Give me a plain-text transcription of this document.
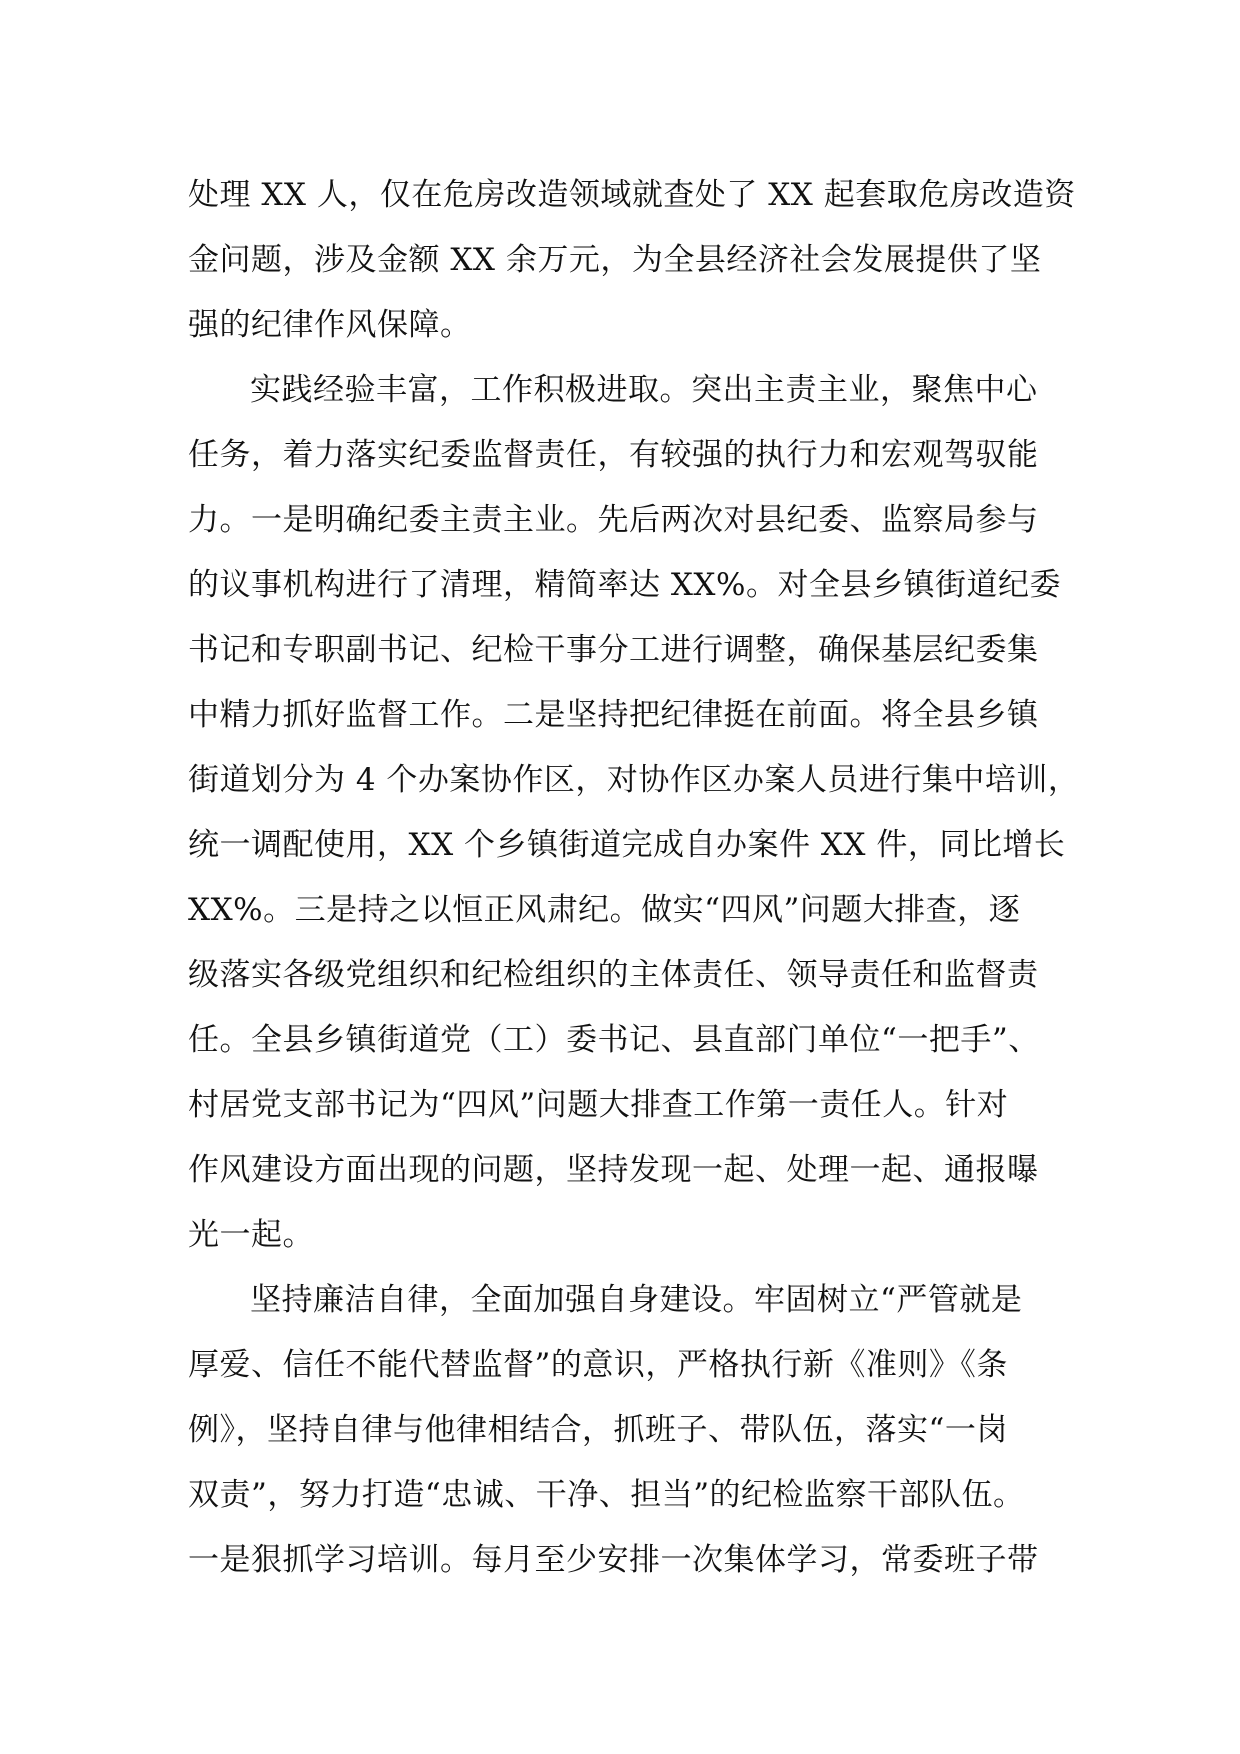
处理 XX 人，仅在危房改造领域就查处了 XX 起套取危房改造资
金问题，涉及金额 XX 余万元，为全县经济社会发展提供了坚
强的纪律作风保障。
实践经验丰富，工作积极进取。突出主责主业，聚焦中心
任务，着力落实纪委监督责任，有较强的执行力和宏观驾驭能
力。一是明确纪委主责主业。先后两次对县纪委、监察局参与
的议事机构进行了清理，精简率达 XX%。对全县乡镇街道纪委
书记和专职副书记、纪检干事分工进行调整，确保基层纪委集
中精力抓好监督工作。二是坚持把纪律挺在前面。将全县乡镇
街道划分为 4 个办案协作区，对协作区办案人员进行集中培训，
统一调配使用，XX 个乡镇街道完成自办案件 XX 件，同比增长
XX%。三是持之以恒正风肃纪。做实“四风”问题大排查，逐
级落实各级党组织和纪检组织的主体责任、领导责任和监督责
任。全县乡镇街道党（工）委书记、县直部门单位“一把手”、
村居党支部书记为“四风”问题大排查工作第一责任人。针对
作风建设方面出现的问题，坚持发现一起、处理一起、通报曝
光一起。
坚持廉洁自律，全面加强自身建设。牢固树立“严管就是
厚爱、信任不能代替监督”的意识，严格执行新《准则》《条
例》，坚持自律与他律相结合，抓班子、带队伍，落实“一岗
双责”，努力打造“忠诚、干净、担当”的纪检监察干部队伍。
一是狠抓学习培训。每月至少安排一次集体学习，常委班子带
